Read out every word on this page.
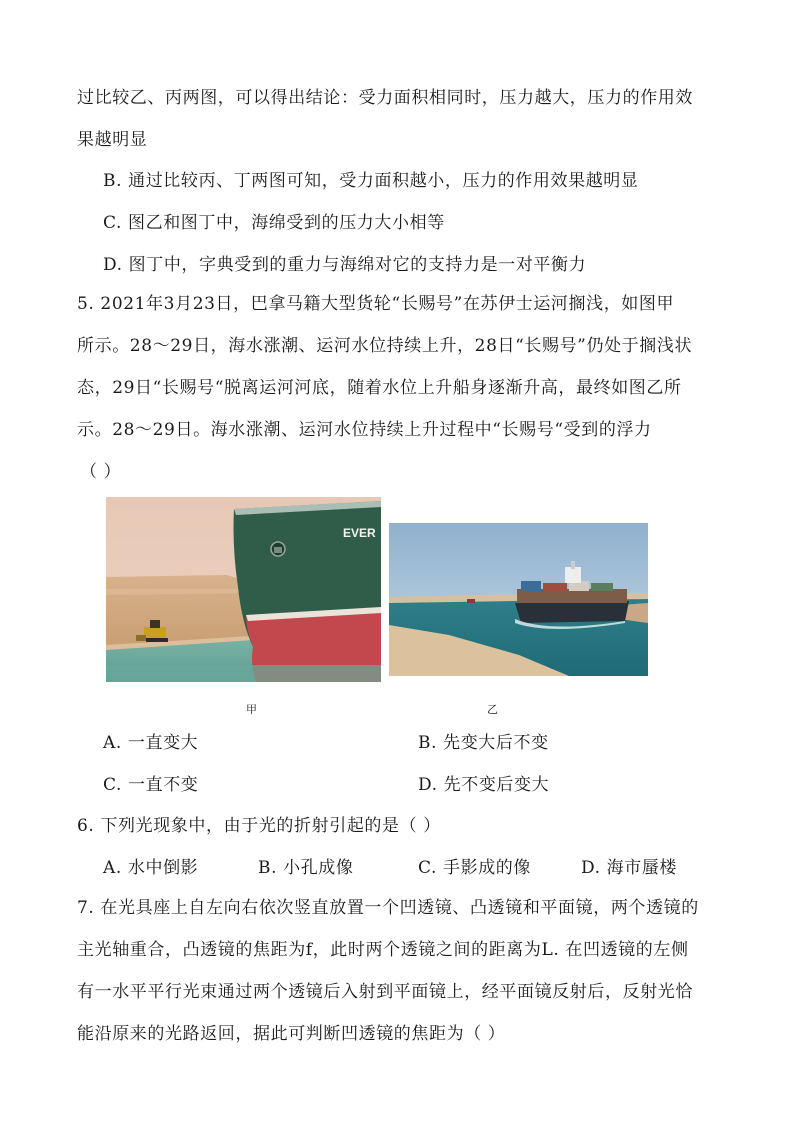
过比较乙、丙两图，可以得出结论：受力面积相同时，压力越大，压力的作用效
果越明显
B. 通过比较丙、丁两图可知，受力面积越小，压力的作用效果越明显
C. 图乙和图丁中，海绵受到的压力大小相等
D. 图丁中，字典受到的重力与海绵对它的支持力是一对平衡力
5. 2021年3月23日，巴拿马籍大型货轮“长赐号”在苏伊士运河搁浅，如图甲
所示。28～29日，海水涨潮、运河水位持续上升，28日“长赐号”仍处于搁浅状
态，29日“长赐号“脱离运河河底，随着水位上升船身逐渐升高，最终如图乙所
示。28～29日。海水涨潮、运河水位持续上升过程中“长赐号“受到的浮力
（ ）
EVER
甲	乙
A. 一直变大	B. 先变大后不变
C. 一直不变	D. 先不变后变大
6. 下列光现象中，由于光的折射引起的是（ ）
A. 水中倒影	B. 小孔成像	C. 手影成的像	D. 海市蜃楼
7. 在光具座上自左向右依次竖直放置一个凹透镜、凸透镜和平面镜，两个透镜的
主光轴重合，凸透镜的焦距为f，此时两个透镜之间的距离为L. 在凹透镜的左侧
有一水平平行光束通过两个透镜后入射到平面镜上，经平面镜反射后，反射光恰
能沿原来的光路返回，据此可判断凹透镜的焦距为（ ）
